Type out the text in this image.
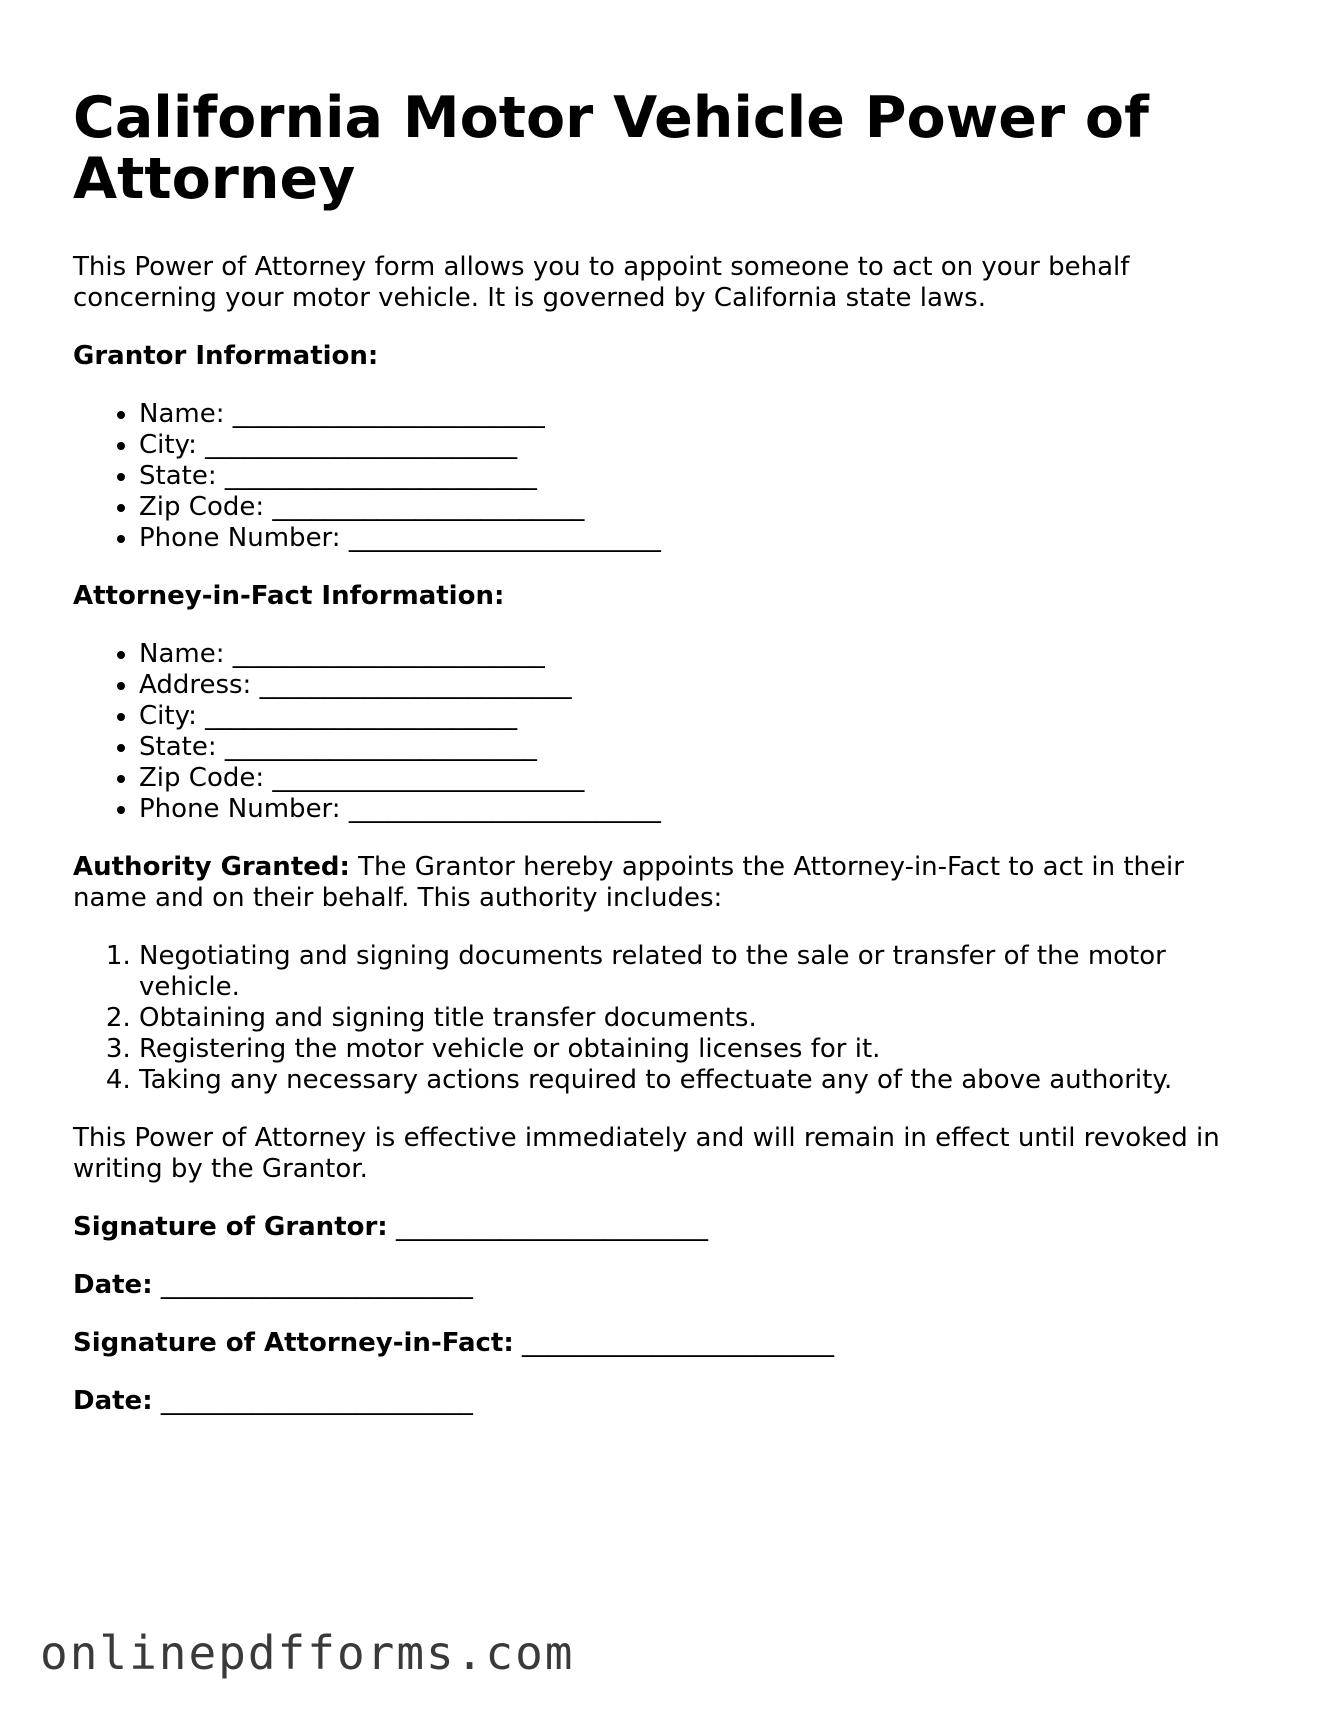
California Motor Vehicle Power of Attorney

This Power of Attorney form allows you to appoint someone to act on your behalf concerning your motor vehicle. It is governed by California state laws.

Grantor Information:
• Name: ________________________
• City: ________________________
• State: ________________________
• Zip Code: ________________________
• Phone Number: ________________________
Attorney-in-Fact Information:
• Name: ________________________
• Address: ________________________
• City: ________________________
• State: ________________________
• Zip Code: ________________________
• Phone Number: ________________________

Authority Granted: The Grantor hereby appoints the Attorney-in-Fact to act in their name and on their behalf. This authority includes:

1. Negotiating and signing documents related to the sale or transfer of the motor vehicle.
2. Obtaining and signing title transfer documents.
3. Registering the motor vehicle or obtaining licenses for it.
4. Taking any necessary actions required to effectuate any of the above authority.

This Power of Attorney is effective immediately and will remain in effect until revoked in writing by the Grantor.

Signature of Grantor: ________________________
Date: ________________________
Signature of Attorney-in-Fact: ________________________
Date: ________________________
onlinepdfforms.com
